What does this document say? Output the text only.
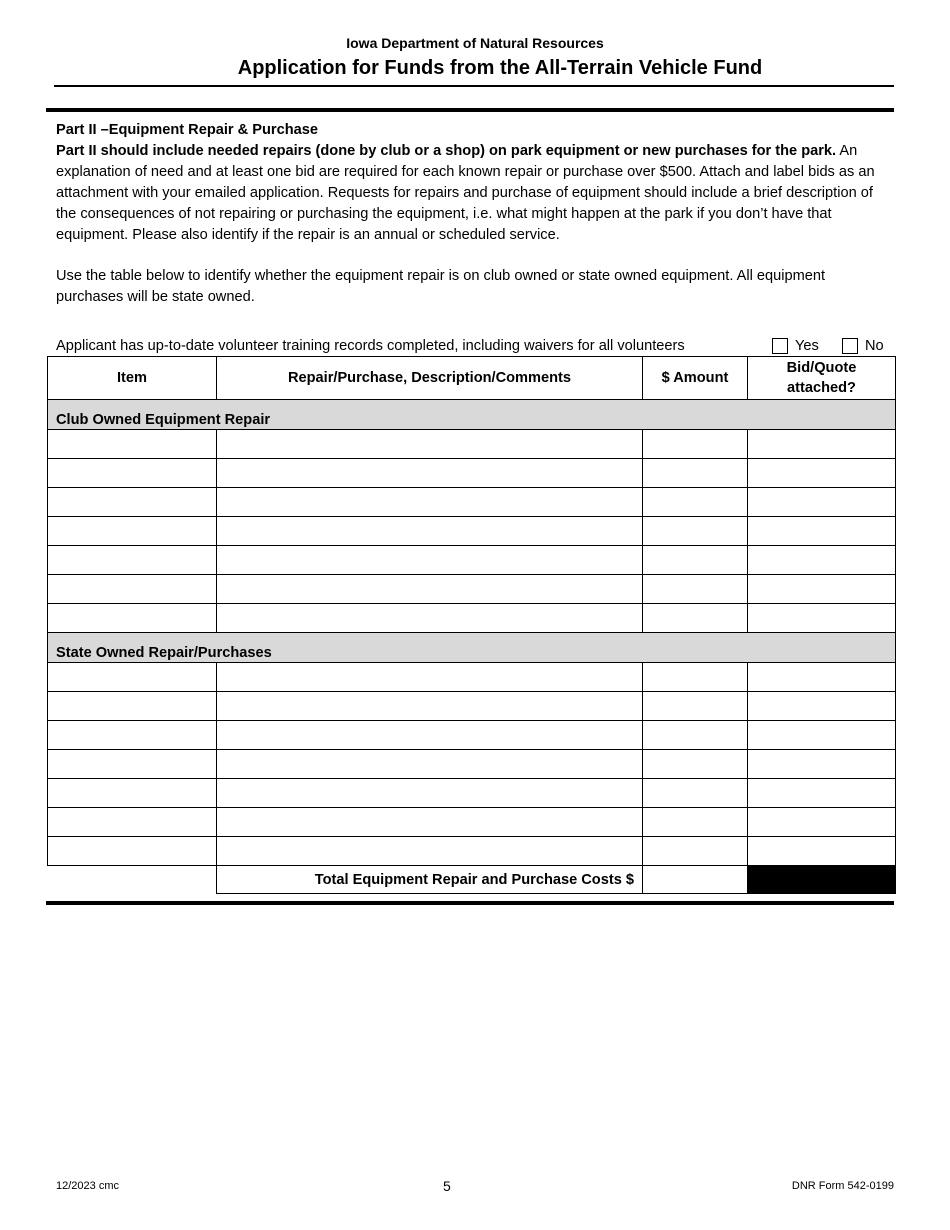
Iowa Department of Natural Resources
Application for Funds from the All-Terrain Vehicle Fund
Part II –Equipment Repair & Purchase
Part II should include needed repairs (done by club or a shop) on park equipment or new purchases for the park. An explanation of need and at least one bid are required for each known repair or purchase over $500. Attach and label bids as an attachment with your emailed application. Requests for repairs and purchase of equipment should include a brief description of the consequences of not repairing or purchasing the equipment, i.e. what might happen at the park if you don’t have that equipment. Please also identify if the repair is an annual or scheduled service.
Use the table below to identify whether the equipment repair is on club owned or state owned equipment. All equipment purchases will be state owned.
Applicant has up-to-date volunteer training records completed, including waivers for all volunteers	Yes	No
Item	Repair/Purchase, Description/Comments	$ Amount	Bid/Quote
attached?
Club Owned Equipment Repair			

State Owned Repair/Purchases			

	Total Equipment Repair and Purchase Costs $		
12/2023 cmc	5	DNR Form 542-0199
